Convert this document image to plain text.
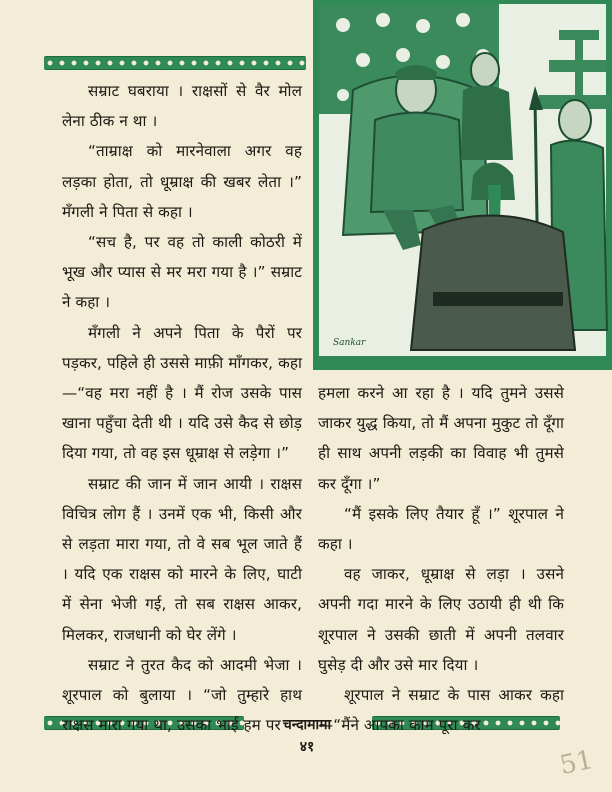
Sankar

सम्राट घबराया । राक्षसों से वैर मोल लेना ठीक न था ।

“ताम्राक्ष को मारनेवाला अगर वह लड़का होता, तो धूम्राक्ष की खबर लेता ।” मँगली ने पिता से कहा ।

“सच है, पर वह तो काली कोठरी में भूख और प्यास से मर मरा गया है ।” सम्राट ने कहा ।

मँगली ने अपने पिता के पैरों पर पड़कर, पहिले ही उससे माफ़ी माँगकर, कहा—“वह मरा नहीं है । मैं रोज उसके पास खाना पहुँचा देती थी । यदि उसे कैद से छोड़ दिया गया, तो वह इस धूम्राक्ष से लड़ेगा ।”

सम्राट की जान में जान आयी । राक्षस विचित्र लोग हैं । उनमें एक भी, किसी और से लड़ता मारा गया, तो वे सब भूल जाते हैं । यदि एक राक्षस को मारने के लिए, घाटी में सेना भेजी गई, तो सब राक्षस आकर, मिलकर, राजधानी को घेर लेंगे ।

सम्राट ने तुरत कैद को आदमी भेजा । शूरपाल को बुलाया । “जो तुम्हारे हाथ राक्षस मारा गया था, उसका भाई हम पर

हमला करने आ रहा है । यदि तुमने उससे जाकर युद्ध किया, तो मैं अपना मुकुट तो दूँगा ही साथ अपनी लड़की का विवाह भी तुमसे कर दूँगा ।”

“मैं इसके लिए तैयार हूँ ।” शूरपाल ने कहा ।

वह जाकर, धूम्राक्ष से लड़ा । उसने अपनी गदा मारने के लिए उठायी ही थी कि शूरपाल ने उसकी छाती में अपनी तलवार घुसेड़ दी और उसे मार दिया ।

शूरपाल ने सम्राट के पास आकर कहा—“मैंने आपका काम पूरा कर

चन्दामामा
४१	51
